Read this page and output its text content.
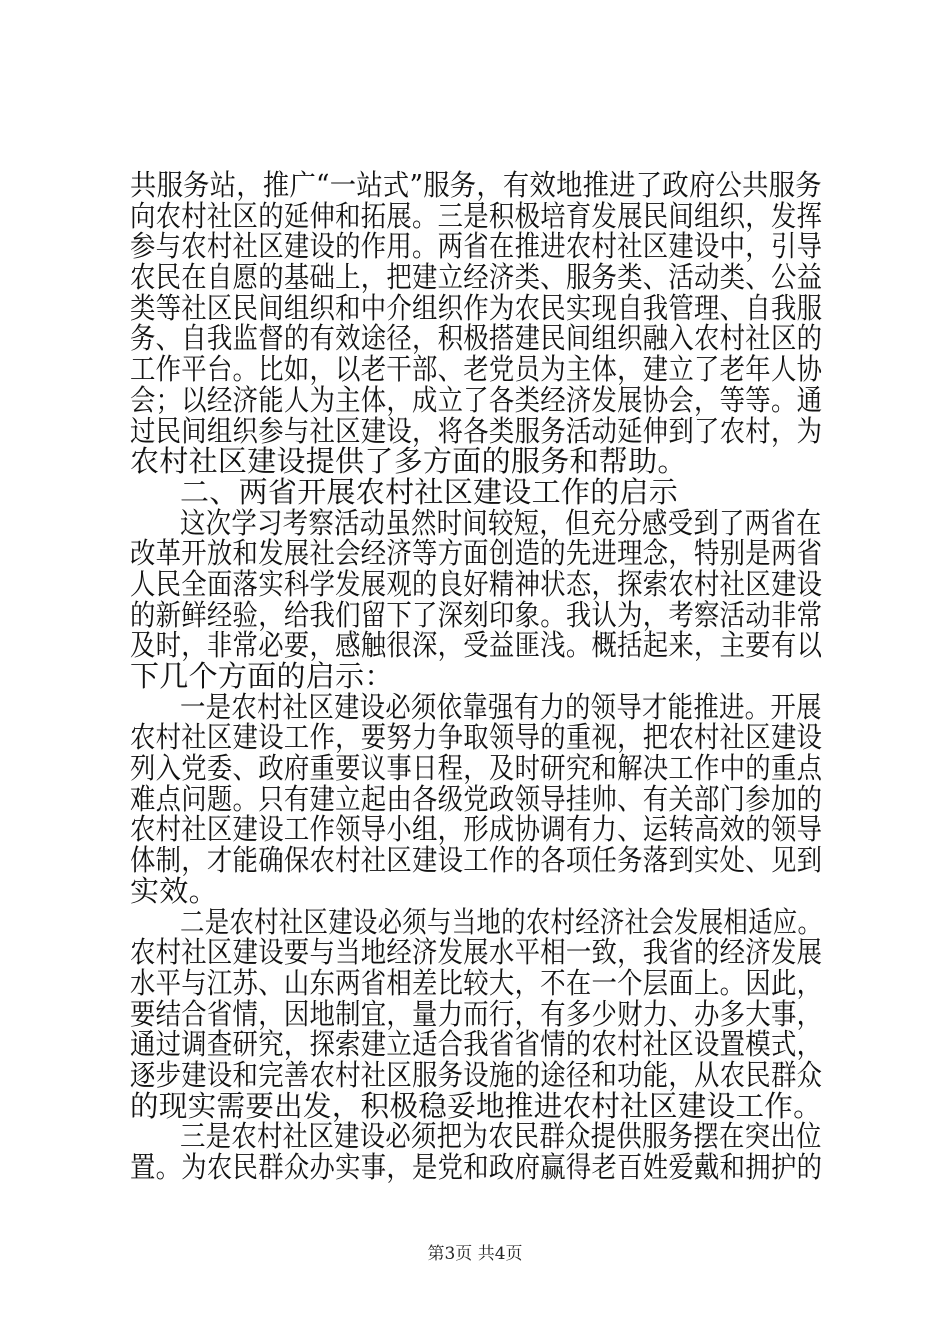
共服务站，推广“一站式”服务，有效地推进了政府公共服务
向农村社区的延伸和拓展。三是积极培育发展民间组织，发挥
参与农村社区建设的作用。两省在推进农村社区建设中，引导
农民在自愿的基础上，把建立经济类、服务类、活动类、公益
类等社区民间组织和中介组织作为农民实现自我管理、自我服
务、自我监督的有效途径，积极搭建民间组织融入农村社区的
工作平台。比如，以老干部、老党员为主体，建立了老年人协
会；以经济能人为主体，成立了各类经济发展协会，等等。通
过民间组织参与社区建设，将各类服务活动延伸到了农村，为
农村社区建设提供了多方面的服务和帮助。
二、两省开展农村社区建设工作的启示
这次学习考察活动虽然时间较短，但充分感受到了两省在
改革开放和发展社会经济等方面创造的先进理念，特别是两省
人民全面落实科学发展观的良好精神状态，探索农村社区建设
的新鲜经验，给我们留下了深刻印象。我认为，考察活动非常
及时，非常必要，感触很深，受益匪浅。概括起来，主要有以
下几个方面的启示：
一是农村社区建设必须依靠强有力的领导才能推进。开展
农村社区建设工作，要努力争取领导的重视，把农村社区建设
列入党委、政府重要议事日程，及时研究和解决工作中的重点
难点问题。只有建立起由各级党政领导挂帅、有关部门参加的
农村社区建设工作领导小组，形成协调有力、运转高效的领导
体制，才能确保农村社区建设工作的各项任务落到实处、见到
实效。
二是农村社区建设必须与当地的农村经济社会发展相适应。
农村社区建设要与当地经济发展水平相一致，我省的经济发展
水平与江苏、山东两省相差比较大，不在一个层面上。因此，
要结合省情，因地制宜，量力而行，有多少财力、办多大事，
通过调查研究，探索建立适合我省省情的农村社区设置模式，
逐步建设和完善农村社区服务设施的途径和功能，从农民群众
的现实需要出发，积极稳妥地推进农村社区建设工作。
三是农村社区建设必须把为农民群众提供服务摆在突出位
置。为农民群众办实事，是党和政府赢得老百姓爱戴和拥护的
第3页 共4页
